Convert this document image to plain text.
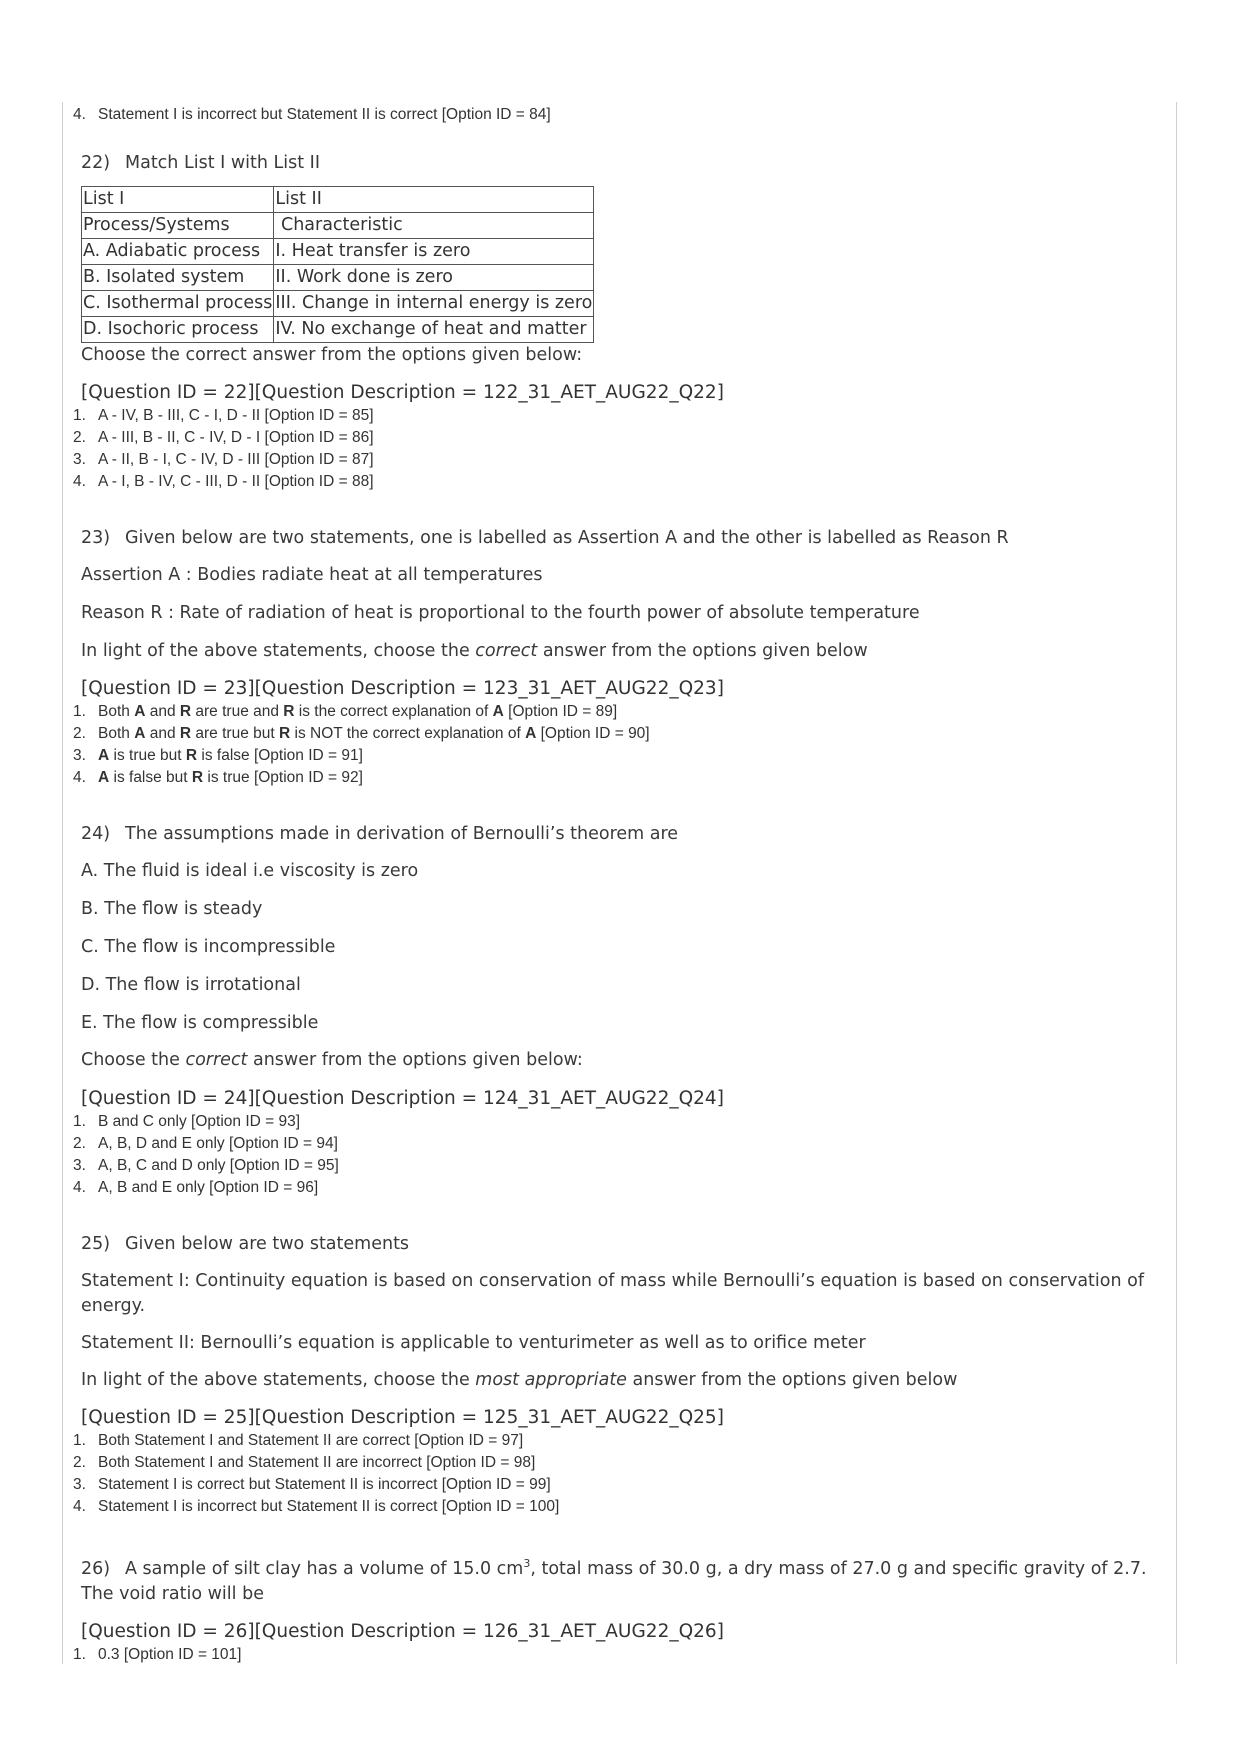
4. Statement I is incorrect but Statement II is correct [Option ID = 84]
22) Match List I with List II
List I	List II
Process/Systems	Characteristic
A. Adiabatic process	I. Heat transfer is zero
B. Isolated system	II. Work done is zero
C. Isothermal process	III. Change in internal energy is zero
D. Isochoric process	IV. No exchange of heat and matter
Choose the correct answer from the options given below:
[Question ID = 22][Question Description = 122_31_AET_AUG22_Q22]
1. A - IV, B - III, C - I, D - II [Option ID = 85]
2. A - III, B - II, C - IV, D - I [Option ID = 86]
3. A - II, B - I, C - IV, D - III [Option ID = 87]
4. A - I, B - IV, C - III, D - II [Option ID = 88]
23) Given below are two statements, one is labelled as Assertion A and the other is labelled as Reason R
Assertion A : Bodies radiate heat at all temperatures
Reason R : Rate of radiation of heat is proportional to the fourth power of absolute temperature
In light of the above statements, choose the correct answer from the options given below
[Question ID = 23][Question Description = 123_31_AET_AUG22_Q23]
1. Both A and R are true and R is the correct explanation of A [Option ID = 89]
2. Both A and R are true but R is NOT the correct explanation of A [Option ID = 90]
3. A is true but R is false [Option ID = 91]
4. A is false but R is true [Option ID = 92]
24) The assumptions made in derivation of Bernoulli’s theorem are
A. The fluid is ideal i.e viscosity is zero
B. The flow is steady
C. The flow is incompressible
D. The flow is irrotational
E. The flow is compressible
Choose the correct answer from the options given below:
[Question ID = 24][Question Description = 124_31_AET_AUG22_Q24]
1. B and C only [Option ID = 93]
2. A, B, D and E only [Option ID = 94]
3. A, B, C and D only [Option ID = 95]
4. A, B and E only [Option ID = 96]
25) Given below are two statements
Statement I: Continuity equation is based on conservation of mass while Bernoulli’s equation is based on conservation of energy.
Statement II: Bernoulli’s equation is applicable to venturimeter as well as to orifice meter
In light of the above statements, choose the most appropriate answer from the options given below
[Question ID = 25][Question Description = 125_31_AET_AUG22_Q25]
1. Both Statement I and Statement II are correct [Option ID = 97]
2. Both Statement I and Statement II are incorrect [Option ID = 98]
3. Statement I is correct but Statement II is incorrect [Option ID = 99]
4. Statement I is incorrect but Statement II is correct [Option ID = 100]
26) A sample of silt clay has a volume of 15.0 $cm^3$, total mass of 30.0 g, a dry mass of 27.0 g and specific gravity of 2.7. The void ratio will be
[Question ID = 26][Question Description = 126_31_AET_AUG22_Q26]
1. 0.3 [Option ID = 101]
